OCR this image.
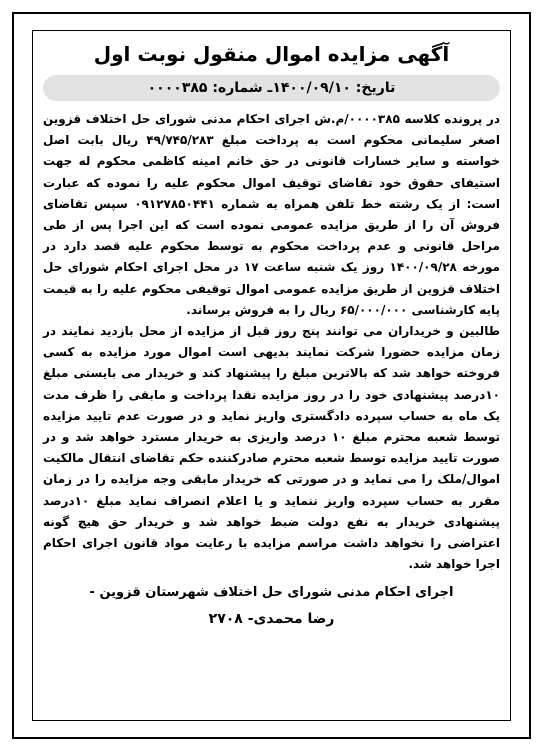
آگهی مزایده اموال منقول نوبت اول
تاریخ: ۱۴۰۰/۰۹/۱۰ـ شماره: ۰۰۰۰۳۸۵

در پرونده کلاسه ۰۰۰۰۳۸۵/م.ش اجرای احکام مدنی شورای حل اختلاف قزوین اصغر سلیمانی محکوم است به پرداخت مبلغ ۴۹/۷۴۵/۲۸۳ ریال بابت اصل خواسته و سایر خسارات قانونی در حق خانم امینه کاظمی محکوم له جهت استیفای حقوق خود تقاضای توقیف اموال محکوم علیه را نموده که عبارت است: از یک رشته خط تلفن همراه به شماره ۰۹۱۲۷۸۵۰۴۴۱ سپس تقاضای فروش آن را از طریق مزایده عمومی نموده است که این اجرا پس از طی مراحل قانونی و عدم پرداخت محکوم به توسط محکوم علیه قصد دارد در مورخه ۱۴۰۰/۰۹/۲۸ روز یک شنبه ساعت ۱۷ در محل اجرای احکام شورای حل اختلاف قزوین از طریق مزایده عمومی اموال توقیفی محکوم علیه را به قیمت پایه کارشناسی ۶۵/۰۰۰/۰۰۰ ریال را به فروش برساند.

طالبین و خریداران می توانند پنج روز قبل از مزایده از محل بازدید نمایند در زمان مزایده حضورا شرکت نمایند بدیهی است اموال مورد مزایده به کسی فروخته خواهد شد که بالاترین مبلغ را پیشنهاد کند و خریدار می بایستی مبلغ ۱۰درصد پیشنهادی خود را در روز مزایده نقدا پرداخت و مابقی را ظرف مدت یک ماه به حساب سپرده دادگستری واریز نماید و در صورت عدم تایید مزایده توسط شعبه محترم مبلغ ۱۰ درصد واریزی به خریدار مسترد خواهد شد و در صورت تایید مزایده توسط شعبه محترم صادرکننده حکم تقاضای انتقال مالکیت اموال/ملک را می نماید و در صورتی که خریدار مابقی وجه مزایده را در زمان مقرر به حساب سپرده واریز ننماید و یا اعلام انصراف نماید مبلغ ۱۰درصد پیشنهادی خریدار به نفع دولت ضبط خواهد شد و خریدار حق هیچ گونه اعتراضی را نخواهد داشت مراسم مزایده با رعایت مواد قانون اجرای احکام اجرا خواهد شد.

اجرای احکام مدنی شورای حل اختلاف شهرستان قزوین -
رضا محمدی- ۲۷۰۸
